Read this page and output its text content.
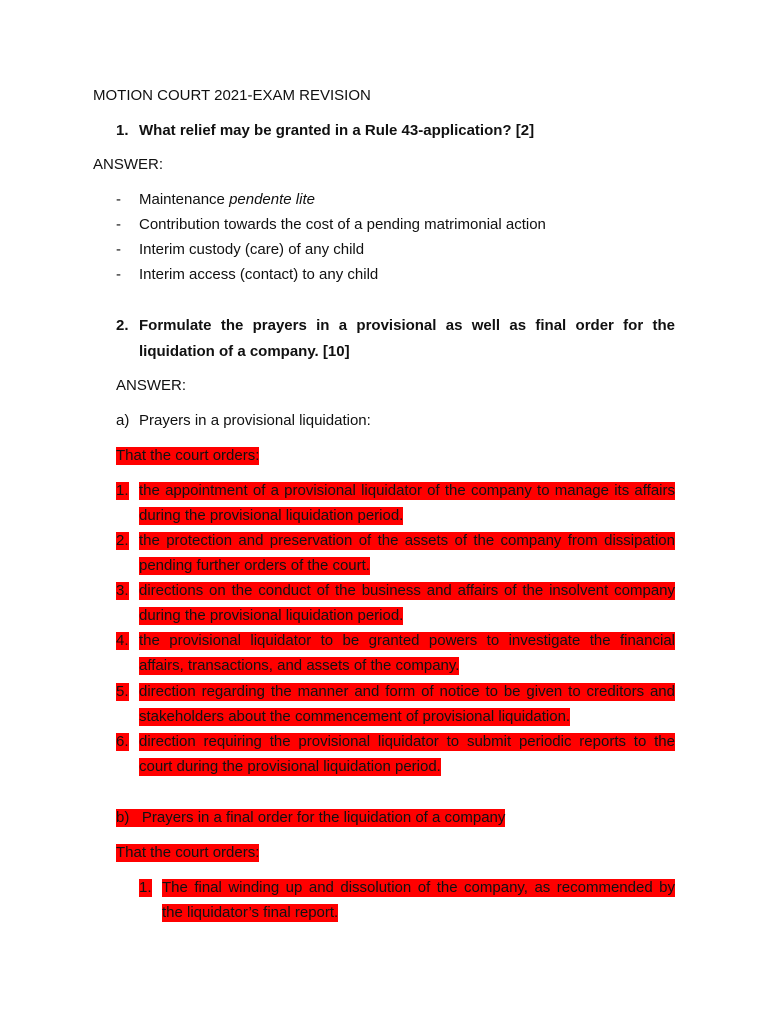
MOTION COURT 2021-EXAM REVISION
1. What relief may be granted in a Rule 43-application? [2]
ANSWER:
- Maintenance pendente lite
- Contribution towards the cost of a pending matrimonial action
- Interim custody (care) of any child
- Interim access (contact) to any child
2. Formulate the prayers in a provisional as well as final order for the
liquidation of a company. [10]
ANSWER:
a) Prayers in a provisional liquidation:
That the court orders:
1. the appointment of a provisional liquidator of the company to manage its affairs
during the provisional liquidation period.
2. the protection and preservation of the assets of the company from dissipation
pending further orders of the court.
3. directions on the conduct of the business and affairs of the insolvent company
during the provisional liquidation period.
4. the provisional liquidator to be granted powers to investigate the financial
affairs, transactions, and assets of the company.
5. direction regarding the manner and form of notice to be given to creditors and
stakeholders about the commencement of provisional liquidation.
6. direction requiring the provisional liquidator to submit periodic reports to the
court during the provisional liquidation period.
b) Prayers in a final order for the liquidation of a company
That the court orders:
1. The final winding up and dissolution of the company, as recommended by
the liquidator’s final report.
